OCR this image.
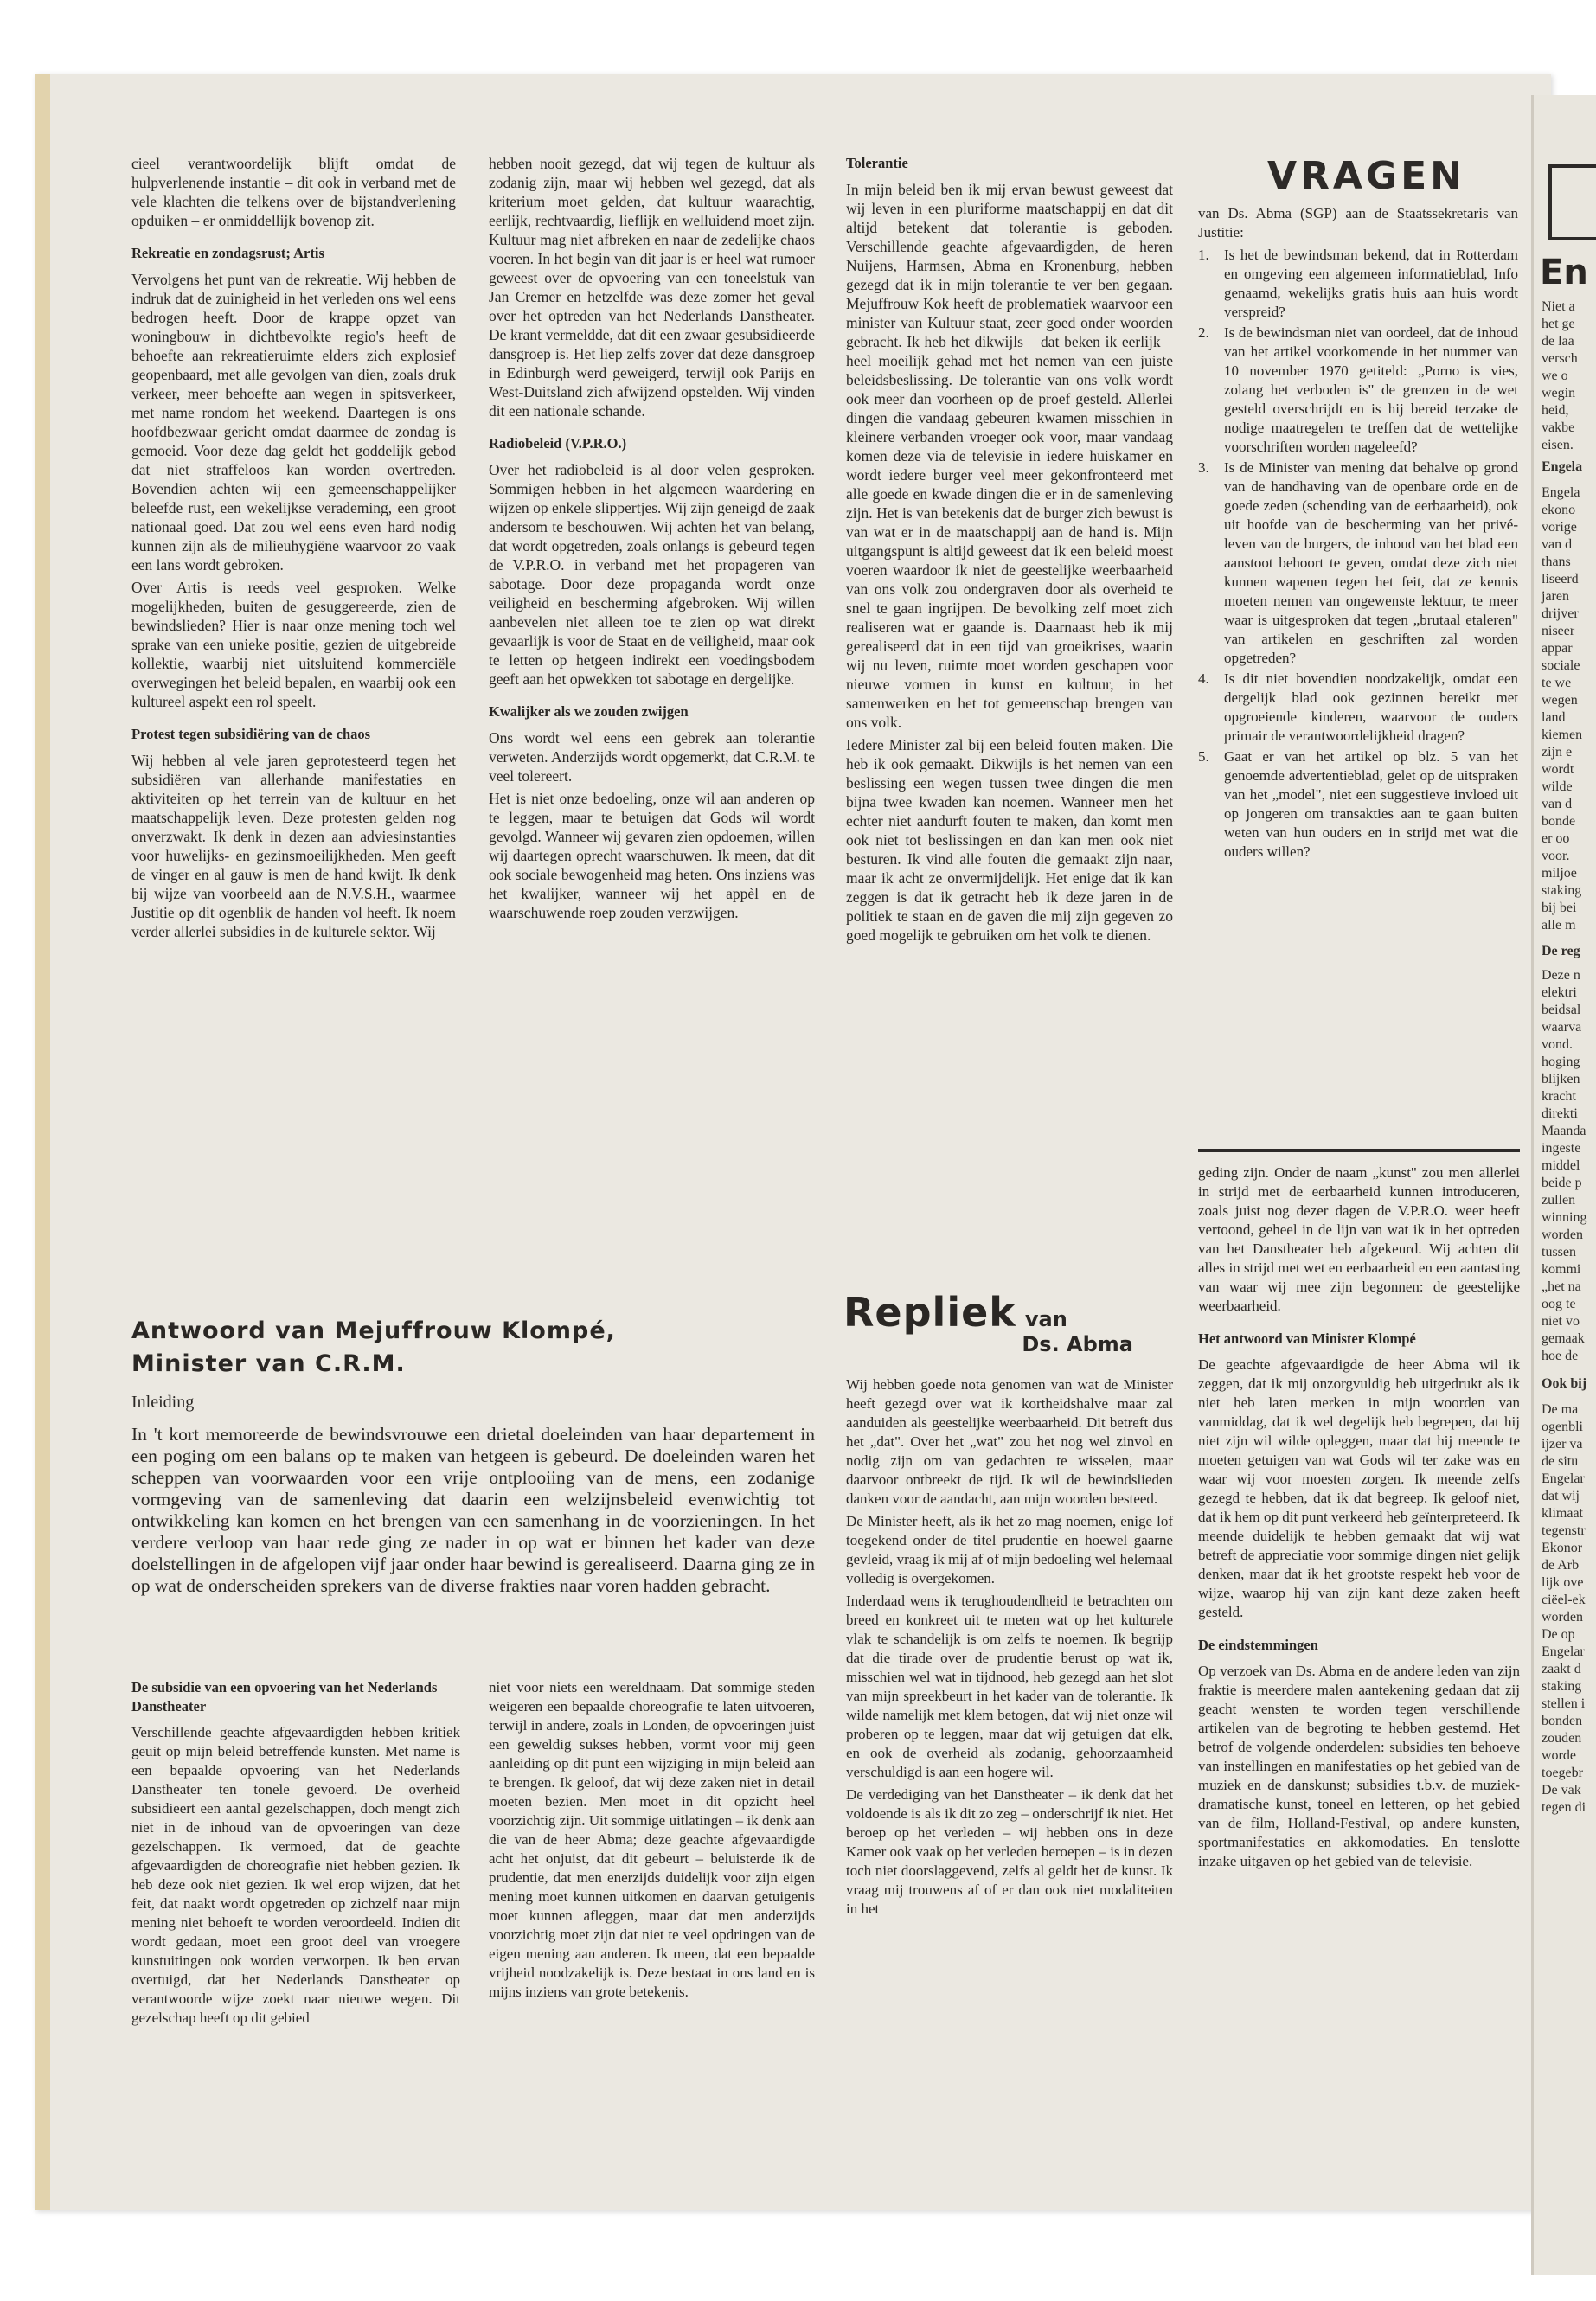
cieel verantwoordelijk blijft omdat de hulpverlenende instantie – dit ook in verband met de vele klachten die telkens over de bijstandverlening opduiken – er onmiddellijk bovenop zit.

Rekreatie en zondagsrust; Artis

Vervolgens het punt van de rekreatie. Wij hebben de indruk dat de zuinigheid in het verleden ons wel eens bedrogen heeft. Door de krappe opzet van woningbouw in dichtbevolkte regio's heeft de behoefte aan rekreatieruimte elders zich explosief geopenbaard, met alle gevolgen van dien, zoals druk verkeer, meer behoefte aan wegen in spitsverkeer, met name rondom het weekend. Daartegen is ons hoofdbezwaar gericht omdat daarmee de zondag is gemoeid. Voor deze dag geldt het goddelijk gebod dat niet straffeloos kan worden overtreden. Bovendien achten wij een gemeenschappelijker beleefde rust, een wekelijkse verademing, een groot nationaal goed. Dat zou wel eens even hard nodig kunnen zijn als de milieuhygiëne waarvoor zo vaak een lans wordt gebroken.

Over Artis is reeds veel gesproken. Welke mogelijkheden, buiten de gesuggereerde, zien de bewindslieden? Hier is naar onze mening toch wel sprake van een unieke positie, gezien de uitgebreide kollektie, waarbij niet uitsluitend kommerciële overwegingen het beleid bepalen, en waarbij ook een kultureel aspekt een rol speelt.

Protest tegen subsidiëring van de chaos

Wij hebben al vele jaren geprotesteerd tegen het subsidiëren van allerhande manifestaties en aktiviteiten op het terrein van de kultuur en het maatschappelijk leven. Deze protesten gelden nog onverzwakt. Ik denk in dezen aan adviesinstanties voor huwelijks- en gezinsmoeilijkheden. Men geeft de vinger en al gauw is men de hand kwijt. Ik denk bij wijze van voorbeeld aan de N.V.S.H., waarmee Justitie op dit ogenblik de handen vol heeft. Ik noem verder allerlei subsidies in de kulturele sektor. Wij

hebben nooit gezegd, dat wij tegen de kultuur als zodanig zijn, maar wij hebben wel gezegd, dat als kriterium moet gelden, dat kultuur waarachtig, eerlijk, rechtvaardig, lieflijk en welluidend moet zijn. Kultuur mag niet afbreken en naar de zedelijke chaos voeren. In het begin van dit jaar is er heel wat rumoer geweest over de opvoering van een toneelstuk van Jan Cremer en hetzelfde was deze zomer het geval over het optreden van het Nederlands Danstheater. De krant vermeldde, dat dit een zwaar gesubsidieerde dansgroep is. Het liep zelfs zover dat deze dansgroep in Edinburgh werd geweigerd, terwijl ook Parijs en West-Duitsland zich afwijzend opstelden. Wij vinden dit een nationale schande.

Radiobeleid (V.P.R.O.)

Over het radiobeleid is al door velen gesproken. Sommigen hebben in het algemeen waardering en wijzen op enkele slippertjes. Wij zijn geneigd de zaak andersom te beschouwen. Wij achten het van belang, dat wordt opgetreden, zoals onlangs is gebeurd tegen de V.P.R.O. in verband met het propageren van sabotage. Door deze propaganda wordt onze veiligheid en bescherming afgebroken. Wij willen aanbevelen niet alleen toe te zien op wat direkt gevaarlijk is voor de Staat en de veiligheid, maar ook te letten op hetgeen indirekt een voedingsbodem geeft aan het opwekken tot sabotage en dergelijke.

Kwalijker als we zouden zwijgen

Ons wordt wel eens een gebrek aan tolerantie verweten. Anderzijds wordt opgemerkt, dat C.R.M. te veel tolereert.

Het is niet onze bedoeling, onze wil aan anderen op te leggen, maar te betuigen dat Gods wil wordt gevolgd. Wanneer wij gevaren zien opdoemen, willen wij daartegen oprecht waarschuwen. Ik meen, dat dit ook sociale bewogenheid mag heten. Ons inziens was het kwalijker, wanneer wij het appèl en de waarschuwende roep zouden verzwijgen.

Tolerantie

In mijn beleid ben ik mij ervan bewust geweest dat wij leven in een pluriforme maatschappij en dat dit altijd betekent dat tolerantie is geboden. Verschillende geachte afgevaardigden, de heren Nuijens, Harmsen, Abma en Kronenburg, hebben gezegd dat ik in mijn tolerantie te ver ben gegaan. Mejuffrouw Kok heeft de problematiek waarvoor een minister van Kultuur staat, zeer goed onder woorden gebracht. Ik heb het dikwijls – dat beken ik eerlijk – heel moeilijk gehad met het nemen van een juiste beleidsbeslissing. De tolerantie van ons volk wordt ook meer dan voorheen op de proef gesteld. Allerlei dingen die vandaag gebeuren kwamen misschien in kleinere verbanden vroeger ook voor, maar vandaag komen deze via de televisie in iedere huiskamer en wordt iedere burger veel meer gekonfronteerd met alle goede en kwade dingen die er in de samenleving zijn. Het is van betekenis dat de burger zich bewust is van wat er in de maatschappij aan de hand is. Mijn uitgangspunt is altijd geweest dat ik een beleid moest voeren waardoor ik niet de geestelijke weerbaarheid van ons volk zou ondergraven door als overheid te snel te gaan ingrijpen. De bevolking zelf moet zich realiseren wat er gaande is. Daarnaast heb ik mij gerealiseerd dat in een tijd van groeikrises, waarin wij nu leven, ruimte moet worden geschapen voor nieuwe vormen in kunst en kultuur, in het samenwerken en het tot gemeenschap brengen van ons volk.

Iedere Minister zal bij een beleid fouten maken. Die heb ik ook gemaakt. Dikwijls is het nemen van een beslissing een wegen tussen twee dingen die men bijna twee kwaden kan noemen. Wanneer men het echter niet aandurft fouten te maken, dan komt men ook niet tot beslissingen en dan kan men ook niet besturen. Ik vind alle fouten die gemaakt zijn naar, maar ik acht ze onvermijdelijk. Het enige dat ik kan zeggen is dat ik getracht heb ik deze jaren in de politiek te staan en de gaven die mij zijn gegeven zo goed mogelijk te gebruiken om het volk te dienen.

VRAGEN

van Ds. Abma (SGP) aan de Staatssekretaris van Justitie:

1. Is het de bewindsman bekend, dat in Rotterdam en omgeving een algemeen informatieblad, Info genaamd, wekelijks gratis huis aan huis wordt verspreid?
2. Is de bewindsman niet van oordeel, dat de inhoud van het artikel voorkomende in het nummer van 10 november 1970 getiteld: „Porno is vies, zolang het verboden is" de grenzen in de wet gesteld overschrijdt en is hij bereid terzake de nodige maatregelen te treffen dat de wettelijke voorschriften worden nageleefd?
3. Is de Minister van mening dat behalve op grond van de handhaving van de openbare orde en de goede zeden (schending van de eerbaarheid), ook uit hoofde van de bescherming van het privé-leven van de burgers, de inhoud van het blad een aanstoot behoort te geven, omdat deze zich niet kunnen wapenen tegen het feit, dat ze kennis moeten nemen van ongewenste lektuur, te meer waar is uitgesproken dat tegen „brutaal etaleren" van artikelen en geschriften zal worden opgetreden?
4. Is dit niet bovendien noodzakelijk, omdat een dergelijk blad ook gezinnen bereikt met opgroeiende kinderen, waarvoor de ouders primair de verantwoordelijkheid dragen?
5. Gaat er van het artikel op blz. 5 van het genoemde advertentieblad, gelet op de uitspraken van het „model", niet een suggestieve invloed uit op jongeren om transakties aan te gaan buiten weten van hun ouders en in strijd met wat die ouders willen?

geding zijn. Onder de naam „kunst" zou men allerlei in strijd met de eerbaarheid kunnen introduceren, zoals juist nog dezer dagen de V.P.R.O. weer heeft vertoond, geheel in de lijn van wat ik in het optreden van het Danstheater heb afgekeurd. Wij achten dit alles in strijd met wet en eerbaarheid en een aantasting van waar wij mee zijn begonnen: de geestelijke weerbaarheid.

Het antwoord van Minister Klompé

De geachte afgevaardigde de heer Abma wil ik zeggen, dat ik mij onzorgvuldig heb uitgedrukt als ik niet heb laten merken in mijn woorden van vanmiddag, dat ik wel degelijk heb begrepen, dat hij niet zijn wil wilde opleggen, maar dat hij meende te moeten getuigen van wat Gods wil ter zake was en waar wij voor moesten zorgen. Ik meende zelfs gezegd te hebben, dat ik dat begreep. Ik geloof niet, dat ik hem op dit punt verkeerd heb geïnterpreteerd. Ik meende duidelijk te hebben gemaakt dat wij wat betreft de appreciatie voor sommige dingen niet gelijk denken, maar dat ik het grootste respekt heb voor de wijze, waarop hij van zijn kant deze zaken heeft gesteld.

De eindstemmingen

Op verzoek van Ds. Abma en de andere leden van zijn fraktie is meerdere malen aantekening gedaan dat zij geacht wensten te worden tegen verschillende artikelen van de begroting te hebben gestemd. Het betrof de volgende onderdelen: subsidies ten behoeve van instellingen en manifestaties op het gebied van de muziek en de danskunst; subsidies t.b.v. de muziek-dramatische kunst, toneel en letteren, op het gebied van de film, Holland-Festival, op andere kunsten, sportmanifestaties en akkomodaties. En tenslotte inzake uitgaven op het gebied van de televisie.

Antwoord van Mejuffrouw Klompé,
Minister van C.R.M.
Inleiding
In 't kort memoreerde de bewindsvrouwe een drietal doeleinden van haar departement in een poging om een balans op te maken van hetgeen is gebeurd. De doeleinden waren het scheppen van voorwaarden voor een vrije ontplooiing van de mens, een zodanige vormgeving van de samenleving dat daarin een welzijnsbeleid evenwichtig tot ontwikkeling kan komen en het brengen van een samenhang in de voorzieningen. In het verdere verloop van haar rede ging ze nader in op wat er binnen het kader van deze doelstellingen in de afgelopen vijf jaar onder haar bewind is gerealiseerd. Daarna ging ze in op wat de onderscheiden sprekers van de diverse frakties naar voren hadden gebracht.
De subsidie van een opvoering van het Nederlands Danstheater

Verschillende geachte afgevaardigden hebben kritiek geuit op mijn beleid betreffende kunsten. Met name is een bepaalde opvoering van het Nederlands Danstheater ten tonele gevoerd. De overheid subsidieert een aantal gezelschappen, doch mengt zich niet in de inhoud van de opvoeringen van deze gezelschappen. Ik vermoed, dat de geachte afgevaardigden de choreografie niet hebben gezien. Ik heb deze ook niet gezien. Ik wel erop wijzen, dat het feit, dat naakt wordt opgetreden op zichzelf naar mijn mening niet behoeft te worden veroordeeld. Indien dit wordt gedaan, moet een groot deel van vroegere kunstuitingen ook worden verworpen. Ik ben ervan overtuigd, dat het Nederlands Danstheater op verantwoorde wijze zoekt naar nieuwe wegen. Dit gezelschap heeft op dit gebied

niet voor niets een wereldnaam. Dat sommige steden weigeren een bepaalde choreografie te laten uitvoeren, terwijl in andere, zoals in Londen, de opvoeringen juist een geweldig sukses hebben, vormt voor mij geen aanleiding op dit punt een wijziging in mijn beleid aan te brengen. Ik geloof, dat wij deze zaken niet in detail moeten bezien. Men moet in dit opzicht heel voorzichtig zijn. Uit sommige uitlatingen – ik denk aan die van de heer Abma; deze geachte afgevaardigde acht het onjuist, dat dit gebeurt – beluisterde ik de prudentie, dat men enerzijds duidelijk voor zijn eigen mening moet kunnen uitkomen en daarvan getuigenis moet kunnen afleggen, maar dat men anderzijds voorzichtig moet zijn dat niet te veel opdringen van de eigen mening aan anderen. Ik meen, dat een bepaalde vrijheid noodzakelijk is. Deze bestaat in ons land en is mijns inziens van grote betekenis.

Repliek van
Ds. Abma

Wij hebben goede nota genomen van wat de Minister heeft gezegd over wat ik kortheidshalve maar zal aanduiden als geestelijke weerbaarheid. Dit betreft dus het „dat". Over het „wat" zou het nog wel zinvol en nodig zijn om van gedachten te wisselen, maar daarvoor ontbreekt de tijd. Ik wil de bewindslieden danken voor de aandacht, aan mijn woorden besteed.

De Minister heeft, als ik het zo mag noemen, enige lof toegekend onder de titel prudentie en hoewel gaarne gevleid, vraag ik mij af of mijn bedoeling wel helemaal volledig is overgekomen.

Inderdaad wens ik terughoudendheid te betrachten om breed en konkreet uit te meten wat op het kulturele vlak te schandelijk is om zelfs te noemen. Ik begrijp dat die tirade over de prudentie berust op wat ik, misschien wel wat in tijdnood, heb gezegd aan het slot van mijn spreekbeurt in het kader van de tolerantie. Ik wilde namelijk met klem betogen, dat wij niet onze wil proberen op te leggen, maar dat wij getuigen dat elk, en ook de overheid als zodanig, gehoorzaamheid verschuldigd is aan een hogere wil.

De verdediging van het Danstheater – ik denk dat het voldoende is als ik dit zo zeg – onderschrijf ik niet. Het beroep op het verleden – wij hebben ons in deze Kamer ook vaak op het verleden beroepen – is in dezen toch niet doorslaggevend, zelfs al geldt het de kunst. Ik vraag mij trouwens af of er dan ook niet modaliteiten in het

En
Niet a
het ge
de laa
versch
we o
wegin
heid,
vakbe
eisen.
Engela
Engela
ekono
vorige
van d
thans
liseerd
jaren
drijver
niseer
appar
sociale
te we
wegen
land
kiemen
zijn e
wordt
wilde
van d
bonde
er oo
voor.
miljoe
staking
bij bei
alle m
De reg
Deze n
elektri
beidsal
waarva
vond.
hoging
blijken
kracht
direkti
Maanda
ingeste
middel
beide p
zullen
winning
worden
tussen
kommi
„het na
oog te
niet vo
gemaak
hoe de
Ook bij
De ma
ogenbli
ijzer va
de situ
Engelar
dat wij
klimaat
tegenstr
Ekonor
de Arb
lijk ove
ciëel-ek
worden
De op
Engelar
zaakt d
staking
stellen i
bonden
zouden
worde
toegebr
De vak
tegen di
